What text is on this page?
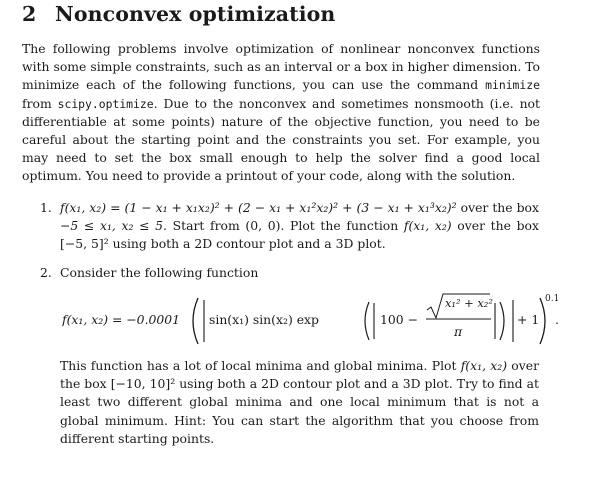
2 Nonconvex optimization
The following problems involve optimization of nonlinear nonconvex functions with some simple constraints, such as an interval or a box in higher dimension. To minimize each of the following functions, you can use the command minimize from scipy.optimize. Due to the nonconvex and sometimes nonsmooth (i.e. not differentiable at some points) nature of the objective function, you need to be careful about the starting point and the constraints you set. For example, you may need to set the box small enough to help the solver find a good local optimum. You need to provide a printout of your code, along with the solution.
1. f(x₁, x₂) = (1 − x₁ + x₁x₂)² + (2 − x₁ + x₁²x₂)² + (3 − x₁ + x₁³x₂)² over the box −5 ≤ x₁, x₂ ≤ 5. Start from (0, 0). Plot the function f(x₁, x₂) over the box [−5, 5]² using both a 2D contour plot and a 3D plot.
2. Consider the following function
f(x₁, x₂) = −0.0001 sin(x₁) sin(x₂) exp	100 −
x₁² + x₂²
π
+ 1
0.1
.
This function has a lot of local minima and global minima. Plot f(x₁, x₂) over the box [−10, 10]² using both a 2D contour plot and a 3D plot. Try to find at least two different global minima and one local minimum that is not a global minimum. Hint: You can start the algorithm that you choose from different starting points.
